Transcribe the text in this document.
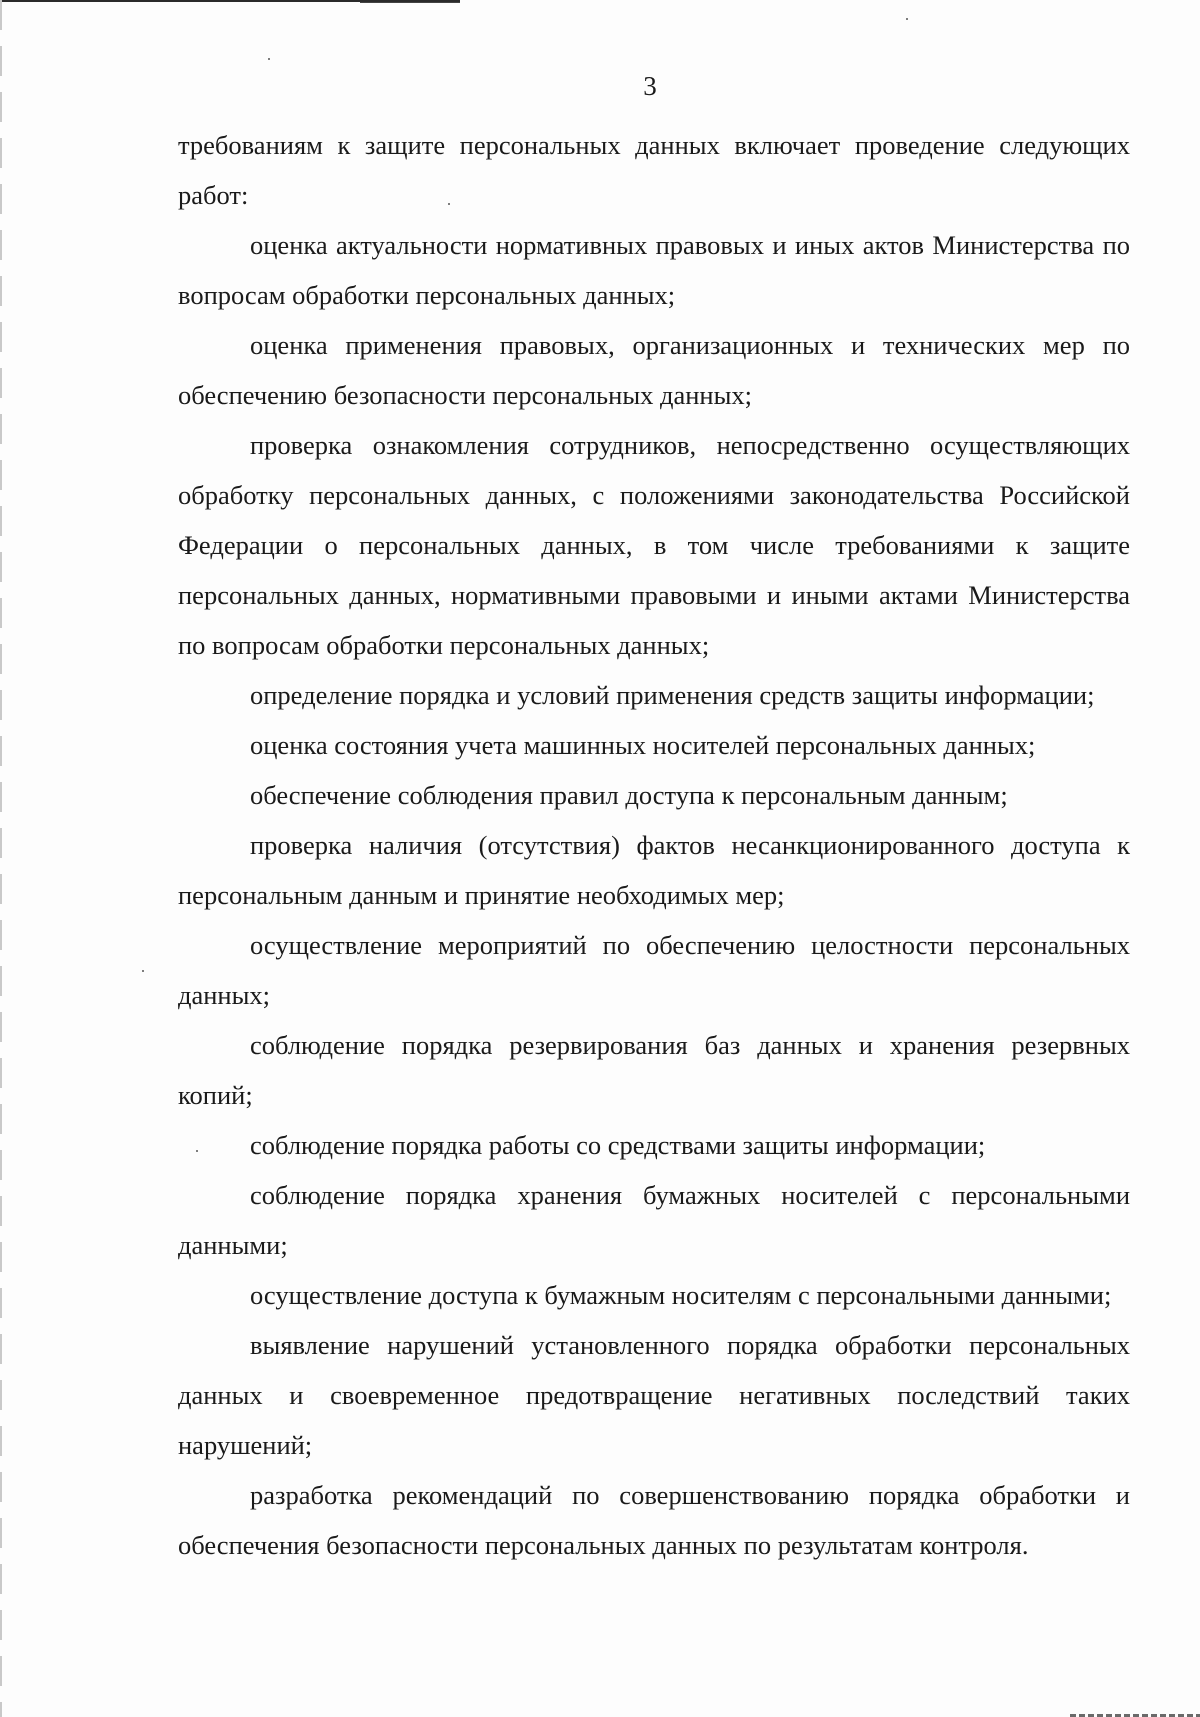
3

требованиям к защите персональных данных включает проведение следующих работ:

оценка актуальности нормативных правовых и иных актов Министерства по вопросам обработки персональных данных;

оценка применения правовых, организационных и технических мер по обеспечению безопасности персональных данных;

проверка ознакомления сотрудников, непосредственно осуществляющих обработку персональных данных, с положениями законодательства Российской Федерации о персональных данных, в том числе требованиями к защите персональных данных, нормативными правовыми и иными актами Министерства по вопросам обработки персональных данных;

определение порядка и условий применения средств защиты информации;

оценка состояния учета машинных носителей персональных данных;

обеспечение соблюдения правил доступа к персональным данным;

проверка наличия (отсутствия) фактов несанкционированного доступа к персональным данным и принятие необходимых мер;

осуществление мероприятий по обеспечению целостности персональных данных;

соблюдение порядка резервирования баз данных и хранения резервных копий;

соблюдение порядка работы со средствами защиты информации;

соблюдение порядка хранения бумажных носителей с персональными данными;

осуществление доступа к бумажным носителям с персональными данными;

выявление нарушений установленного порядка обработки персональных данных и своевременное предотвращение негативных последствий таких нарушений;

разработка рекомендаций по совершенствованию порядка обработки и обеспечения безопасности персональных данных по результатам контроля.
